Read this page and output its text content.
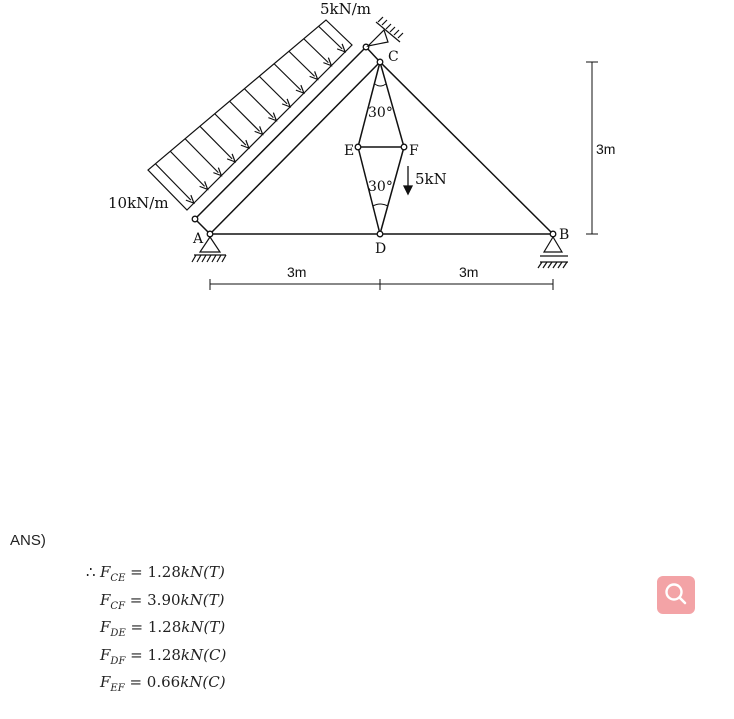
5kN/m
10kN/m
5kN
30°
30°
A	B
C
D
E	F
3m	3m
3m
ANS)
∴ $F_{CE} = 1.28kN(T)$
$F_{CF} = 3.90kN(T)$
$F_{DE} = 1.28kN(T)$
$F_{DF} = 1.28kN(C)$
$F_{EF} = 0.66kN(C)$
